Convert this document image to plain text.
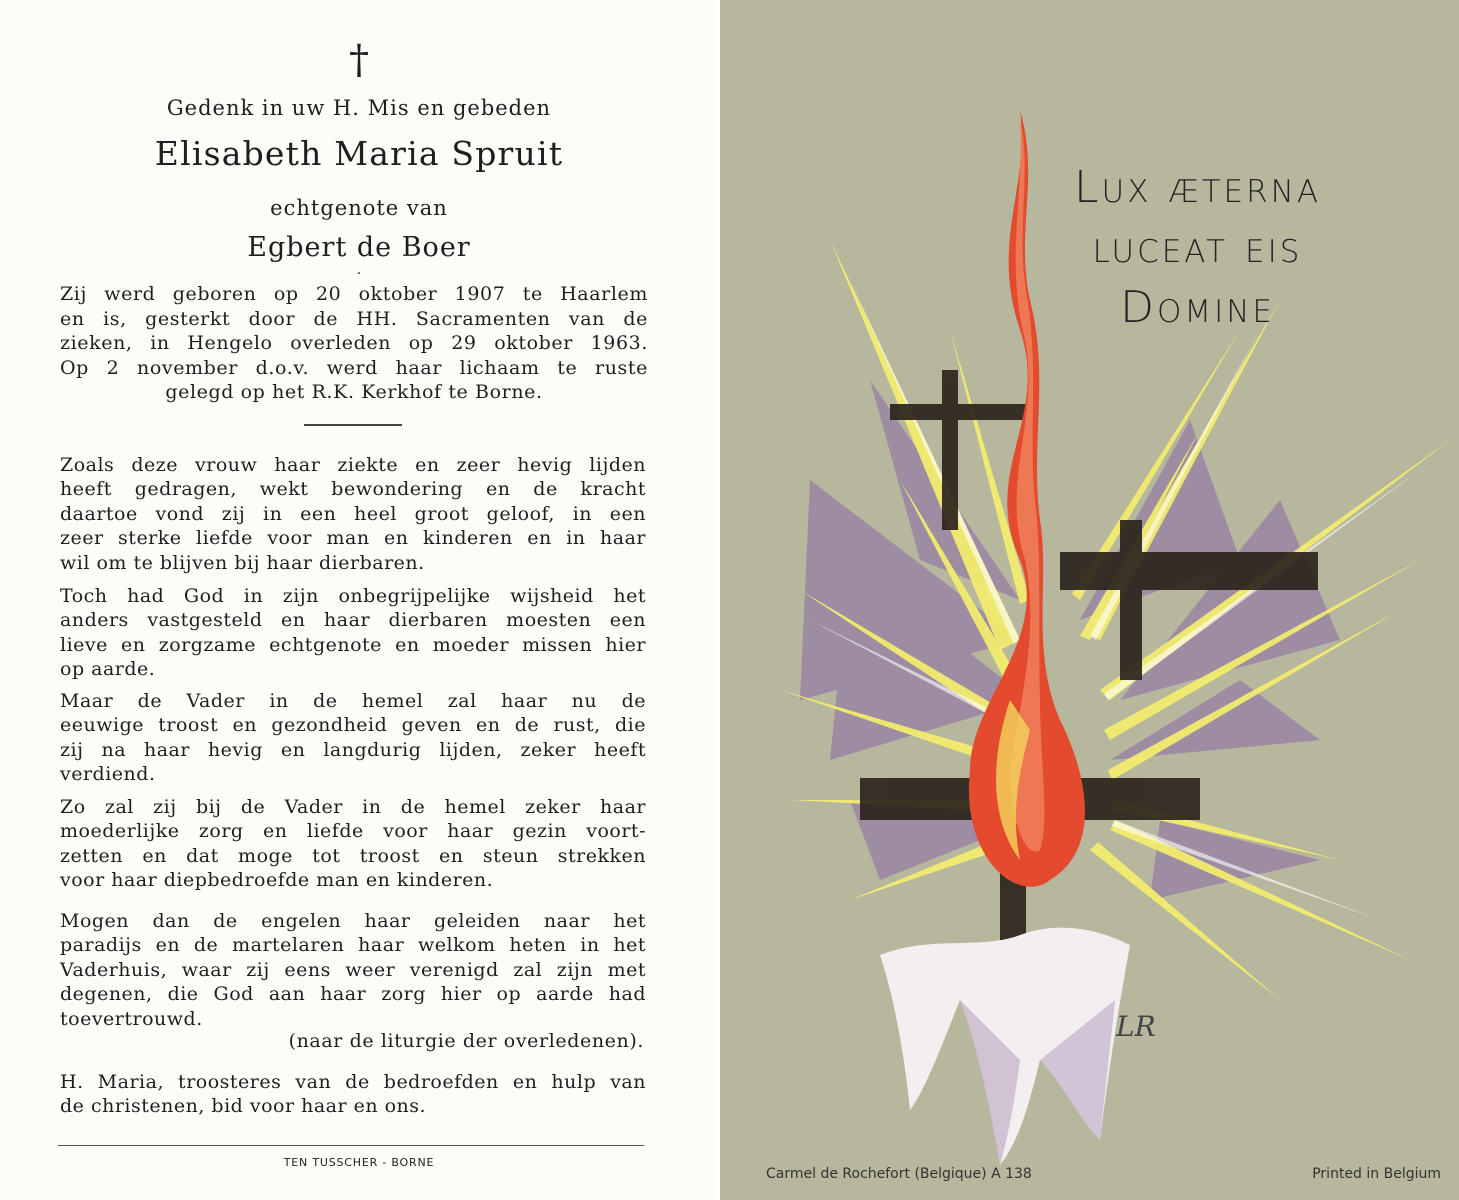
†
Gedenk in uw H. Mis en gebeden
Elisabeth Maria Spruit
echtgenote van
Egbert de Boer
·
Zij werd geboren op 20 oktober 1907 te Haarlem
en is, gesterkt door de HH. Sacramenten van de
zieken, in Hengelo overleden op 29 oktober 1963.
Op 2 november d.o.v. werd haar lichaam te ruste
gelegd op het R.K. Kerkhof te Borne.
Zoals deze vrouw haar ziekte en zeer hevig lijden
heeft gedragen, wekt bewondering en de kracht
daartoe vond zij in een heel groot geloof, in een
zeer sterke liefde voor man en kinderen en in haar
wil om te blijven bij haar dierbaren.
Toch had God in zijn onbegrijpelijke wijsheid het
anders vastgesteld en haar dierbaren moesten een
lieve en zorgzame echtgenote en moeder missen hier
op aarde.
Maar de Vader in de hemel zal haar nu de
eeuwige troost en gezondheid geven en de rust, die
zij na haar hevig en langdurig lijden, zeker heeft
verdiend.
Zo zal zij bij de Vader in de hemel zeker haar
moederlijke zorg en liefde voor haar gezin voort-
zetten en dat moge tot troost en steun strekken
voor haar diepbedroefde man en kinderen.
Mogen dan de engelen haar geleiden naar het
paradijs en de martelaren haar welkom heten in het
Vaderhuis, waar zij eens weer verenigd zal zijn met
degenen, die God aan haar zorg hier op aarde had
toevertrouwd.
(naar de liturgie der overledenen).
H. Maria, troosteres van de bedroefden en hulp van
de christenen, bid voor haar en ons.
TEN TUSSCHER - BORNE
Lux æterna
luceat eis
Domine
LR
Carmel de Rochefort (Belgique) A 138	Printed in Belgium
